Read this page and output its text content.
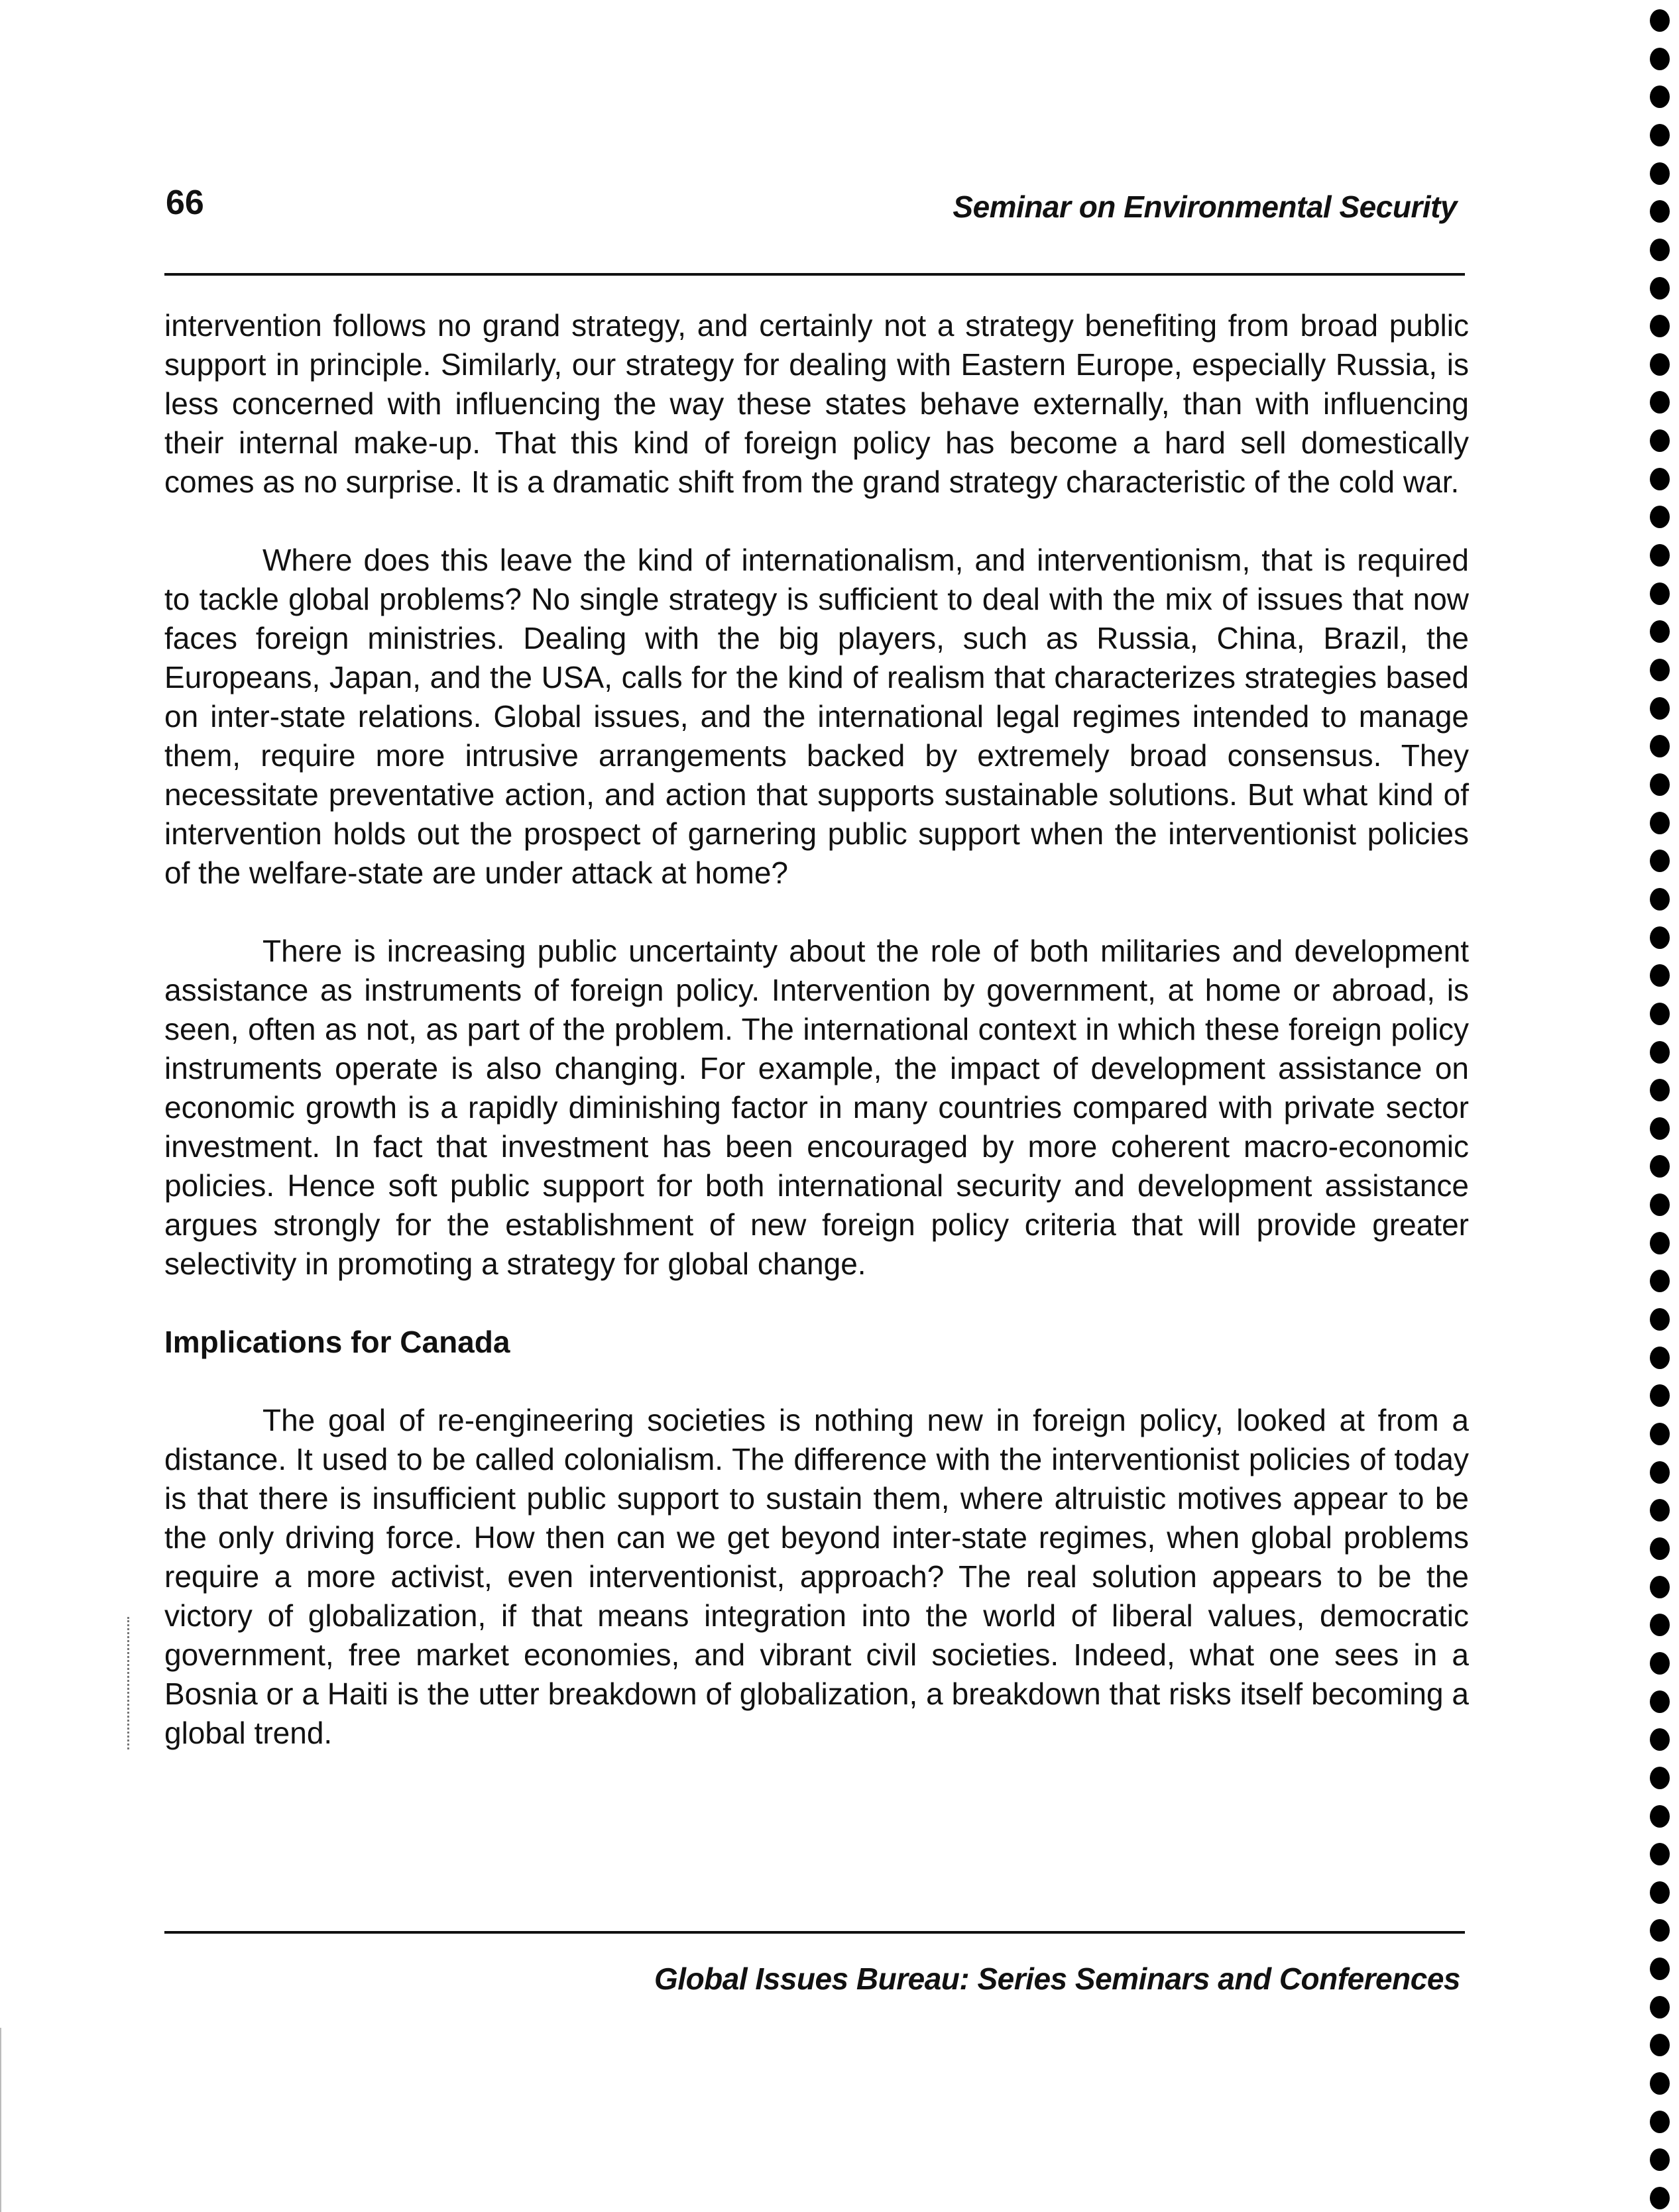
66	Seminar on Environmental Security

intervention follows no grand strategy, and certainly not a strategy benefiting from broad public support in principle. Similarly, our strategy for dealing with Eastern Europe, especially Russia, is less concerned with influencing the way these states behave externally, than with influencing their internal make-up. That this kind of foreign policy has become a hard sell domestically comes as no surprise. It is a dramatic shift from the grand strategy characteristic of the cold war.

Where does this leave the kind of internationalism, and interventionism, that is required to tackle global problems? No single strategy is sufficient to deal with the mix of issues that now faces foreign ministries. Dealing with the big players, such as Russia, China, Brazil, the Europeans, Japan, and the USA, calls for the kind of realism that characterizes strategies based on inter-state relations. Global issues, and the international legal regimes intended to manage them, require more intrusive arrangements backed by extremely broad consensus. They necessitate preventative action, and action that supports sustainable solutions. But what kind of intervention holds out the prospect of garnering public support when the interventionist policies of the welfare-state are under attack at home?

There is increasing public uncertainty about the role of both militaries and development assistance as instruments of foreign policy. Intervention by government, at home or abroad, is seen, often as not, as part of the problem. The international context in which these foreign policy instruments operate is also changing. For example, the impact of development assistance on economic growth is a rapidly diminishing factor in many countries compared with private sector investment. In fact that investment has been encouraged by more coherent macro-economic policies. Hence soft public support for both international security and development assistance argues strongly for the establishment of new foreign policy criteria that will provide greater selectivity in promoting a strategy for global change.

Implications for Canada

The goal of re-engineering societies is nothing new in foreign policy, looked at from a distance. It used to be called colonialism. The difference with the interventionist policies of today is that there is insufficient public support to sustain them, where altruistic motives appear to be the only driving force. How then can we get beyond inter-state regimes, when global problems require a more activist, even interventionist, approach? The real solution appears to be the victory of globalization, if that means integration into the world of liberal values, democratic government, free market economies, and vibrant civil societies. Indeed, what one sees in a Bosnia or a Haiti is the utter breakdown of globalization, a breakdown that risks itself becoming a global trend.

Global Issues Bureau: Series Seminars and Conferences
